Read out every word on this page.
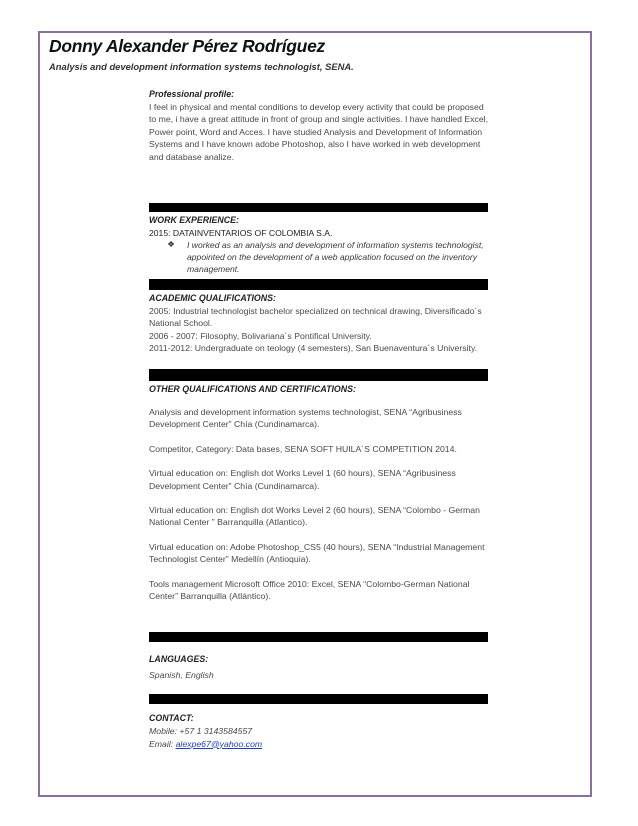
Donny Alexander Pérez Rodríguez
Analysis and development information systems technologist, SENA.
Professional profile:
I feel in physical and mental conditions to develop every activity that could be proposed to me, i have a great attitude in front of group and single activities. I have handled Excel, Power point, Word and Acces. I have studied Analysis and Development of Information Systems and I have known adobe Photoshop, also I have worked in web development and database analize.
WORK EXPERIENCE:
2015: DATAINVENTARIOS OF COLOMBIA S.A.
❖	I worked as an analysis and development of information systems technologist, appointed on the development of a web application focused on the inventory management.
ACADEMIC QUALIFICATIONS:

2005: Industrial technologist bachelor specialized on technical drawing, Diversificado´s National School.

2006 - 2007: Filosophy, Bolivariana´s Pontifical University.

2011-2012: Undergraduate on teology (4 semesters), San Buenaventura´s University.

OTHER QUALIFICATIONS AND CERTIFICATIONS:

Analysis and development information systems technologist, SENA “Agribusiness Development Center” Chía (Cundinamarca).

Competitor, Category: Data bases, SENA SOFT HUILA´S COMPETITION 2014.

Virtual education on: English dot Works Level 1 (60 hours), SENA “Agribusiness Development Center” Chía (Cundinamarca).

Virtual education on: English dot Works Level 2 (60 hours), SENA “Colombo - German National Center ” Barranquilla (Atlantico).

Virtual education on: Adobe Photoshop_CS5 (40 hours), SENA “Industrial Management Technologist Center” Medellín (Antioquia).

Tools management Microsoft Office 2010: Excel, SENA “Colombo-German National Center” Barranquilla (Atlántico).

LANGUAGES:
Spanish, English
CONTACT:
Mobile: +57 1 3143584557
Email: alexpe67@yahoo.com
